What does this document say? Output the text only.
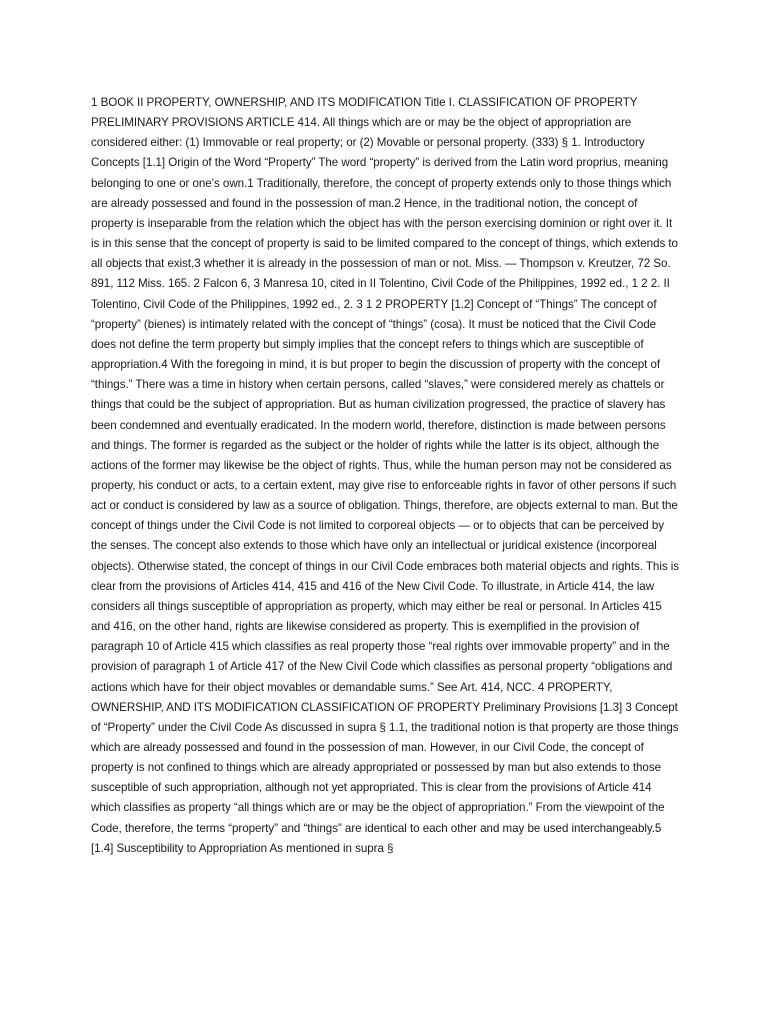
1 BOOK II PROPERTY, OWNERSHIP, AND ITS MODIFICATION Title I. CLASSIFICATION OF PROPERTY PRELIMINARY PROVISIONS ARTICLE 414. All things which are or may be the object of appropriation are considered either: (1) Immovable or real property; or (2) Movable or personal property. (333) § 1. Introductory Concepts [1.1] Origin of the Word “Property” The word “property” is derived from the Latin word proprius, meaning belonging to one or one’s own.1 Traditionally, therefore, the concept of property extends only to those things which are already possessed and found in the possession of man.2 Hence, in the traditional notion, the concept of property is inseparable from the relation which the object has with the person exercising dominion or right over it. It is in this sense that the concept of property is said to be limited compared to the concept of things, which extends to all objects that exist,3 whether it is already in the possession of man or not. Miss. — Thompson v. Kreutzer, 72 So. 891, 112 Miss. 165. 2 Falcon 6, 3 Manresa 10, cited in II Tolentino, Civil Code of the Philippines, 1992 ed., 1 2 2. II Tolentino, Civil Code of the Philippines, 1992 ed., 2. 3 1 2 PROPERTY [1.2] Concept of “Things” The concept of “property” (bienes) is intimately related with the concept of “things” (cosa). It must be noticed that the Civil Code does not define the term property but simply implies that the concept refers to things which are susceptible of appropriation.4 With the foregoing in mind, it is but proper to begin the discussion of property with the concept of “things.” There was a time in history when certain persons, called “slaves,” were considered merely as chattels or things that could be the subject of appropriation. But as human civilization progressed, the practice of slavery has been condemned and eventually eradicated. In the modern world, therefore, distinction is made between persons and things. The former is regarded as the subject or the holder of rights while the latter is its object, although the actions of the former may likewise be the object of rights. Thus, while the human person may not be considered as property, his conduct or acts, to a certain extent, may give rise to enforceable rights in favor of other persons if such act or conduct is considered by law as a source of obligation. Things, therefore, are objects external to man. But the concept of things under the Civil Code is not limited to corporeal objects — or to objects that can be perceived by the senses. The concept also extends to those which have only an intellectual or juridical existence (incorporeal objects). Otherwise stated, the concept of things in our Civil Code embraces both material objects and rights. This is clear from the provisions of Articles 414, 415 and 416 of the New Civil Code. To illustrate, in Article 414, the law considers all things susceptible of appropriation as property, which may either be real or personal. In Articles 415 and 416, on the other hand, rights are likewise considered as property. This is exemplified in the provision of paragraph 10 of Article 415 which classifies as real property those “real rights over immovable property” and in the provision of paragraph 1 of Article 417 of the New Civil Code which classifies as personal property “obligations and actions which have for their object movables or demandable sums.” See Art. 414, NCC. 4 PROPERTY, OWNERSHIP, AND ITS MODIFICATION CLASSIFICATION OF PROPERTY Preliminary Provisions [1.3] 3 Concept of “Property” under the Civil Code As discussed in supra § 1.1, the traditional notion is that property are those things which are already possessed and found in the possession of man. However, in our Civil Code, the concept of property is not confined to things which are already appropriated or possessed by man but also extends to those susceptible of such appropriation, although not yet appropriated. This is clear from the provisions of Article 414 which classifies as property “all things which are or may be the object of appropriation.” From the viewpoint of the Code, therefore, the terms “property” and “things” are identical to each other and may be used interchangeably.5 [1.4] Susceptibility to Appropriation As mentioned in supra §
